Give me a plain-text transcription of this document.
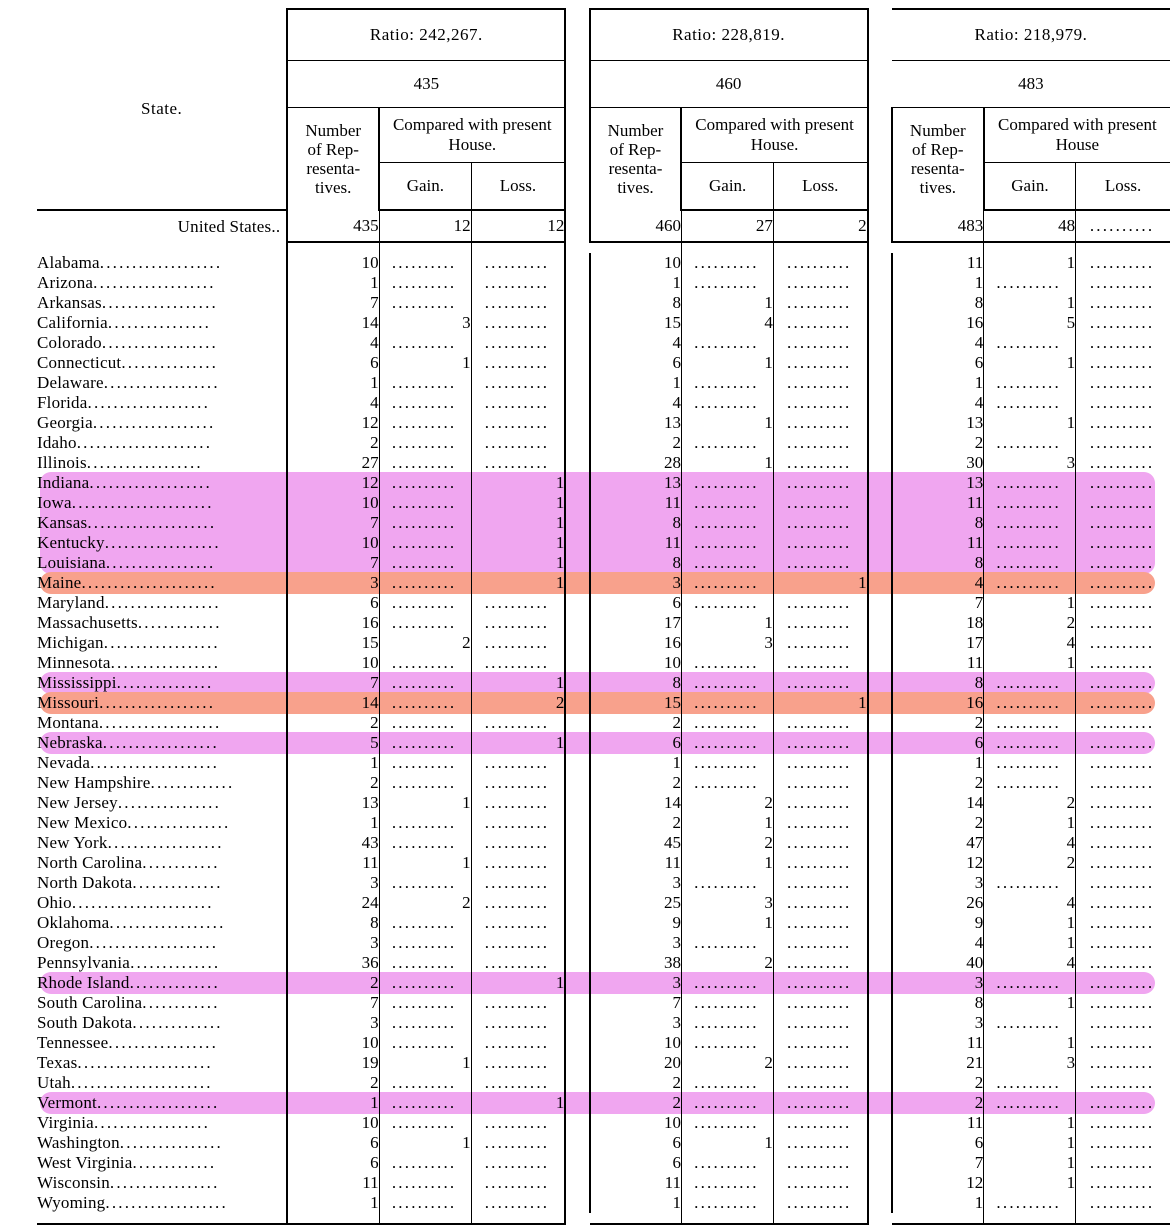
State.	Ratio: 242,267.				Ratio: 228,819.				Ratio: 218,979.		
	435				460				483		
	Number
of Rep-
resenta-
tives.	Compared with present House.			Number
of Rep-
resenta-
tives.	Compared with present House.			Number
of Rep-
resenta-
tives.	Compared with present House	
		Gain.	Loss.			Gain.	Loss.			Gain.	Loss.
United States..	435	12	12		460	27	2		483	48	..........

Alabama...................	10	..........	..........		10	..........	..........		11	1	..........
Arizona...................	1	..........	..........		1	..........	..........		1	..........	..........
Arkansas..................	7	..........	..........		8	1	..........		8	1	..........
California................	14	3	..........		15	4	..........		16	5	..........
Colorado..................	4	..........	..........		4	..........	..........		4	..........	..........
Connecticut...............	6	1	..........		6	1	..........		6	1	..........
Delaware..................	1	..........	..........		1	..........	..........		1	..........	..........
Florida...................	4	..........	..........		4	..........	..........		4	..........	..........
Georgia...................	12	..........	..........		13	1	..........		13	1	..........
Idaho.....................	2	..........	..........		2	..........	..........		2	..........	..........
Illinois..................	27	..........	..........		28	1	..........		30	3	..........
Indiana...................	12	..........	1		13	..........	..........		13	..........	..........
Iowa......................	10	..........	1		11	..........	..........		11	..........	..........
Kansas....................	7	..........	1		8	..........	..........		8	..........	..........
Kentucky..................	10	..........	1		11	..........	..........		11	..........	..........
Louisiana.................	7	..........	1		8	..........	..........		8	..........	..........
Maine.....................	3	..........	1		3	..........	1		4	..........	..........
Maryland..................	6	..........	..........		6	..........	..........		7	1	..........
Massachusetts.............	16	..........	..........		17	1	..........		18	2	..........
Michigan..................	15	2	..........		16	3	..........		17	4	..........
Minnesota.................	10	..........	..........		10	..........	..........		11	1	..........
Mississippi...............	7	..........	1		8	..........	..........		8	..........	..........
Missouri..................	14	..........	2		15	..........	1		16	..........	..........
Montana...................	2	..........	..........		2	..........	..........		2	..........	..........
Nebraska..................	5	..........	1		6	..........	..........		6	..........	..........
Nevada....................	1	..........	..........		1	..........	..........		1	..........	..........
New Hampshire.............	2	..........	..........		2	..........	..........		2	..........	..........
New Jersey................	13	1	..........		14	2	..........		14	2	..........
New Mexico................	1	..........	..........		2	1	..........		2	1	..........
New York..................	43	..........	..........		45	2	..........		47	4	..........
North Carolina............	11	1	..........		11	1	..........		12	2	..........
North Dakota..............	3	..........	..........		3	..........	..........		3	..........	..........
Ohio......................	24	2	..........		25	3	..........		26	4	..........
Oklahoma..................	8	..........	..........		9	1	..........		9	1	..........
Oregon....................	3	..........	..........		3	..........	..........		4	1	..........
Pennsylvania..............	36	..........	..........		38	2	..........		40	4	..........
Rhode Island..............	2	..........	1		3	..........	..........		3	..........	..........
South Carolina............	7	..........	..........		7	..........	..........		8	1	..........
South Dakota..............	3	..........	..........		3	..........	..........		3	..........	..........
Tennessee.................	10	..........	..........		10	..........	..........		11	1	..........
Texas.....................	19	1	..........		20	2	..........		21	3	..........
Utah......................	2	..........	..........		2	..........	..........		2	..........	..........
Vermont...................	1	..........	1		2	..........	..........		2	..........	..........
Virginia..................	10	..........	..........		10	..........	..........		11	1	..........
Washington................	6	1	..........		6	1	..........		6	1	..........
West Virginia.............	6	..........	..........		6	..........	..........		7	1	..........
Wisconsin.................	11	..........	..........		11	..........	..........		12	1	..........
Wyoming...................	1	..........	..........		1	..........	..........		1	..........	..........
